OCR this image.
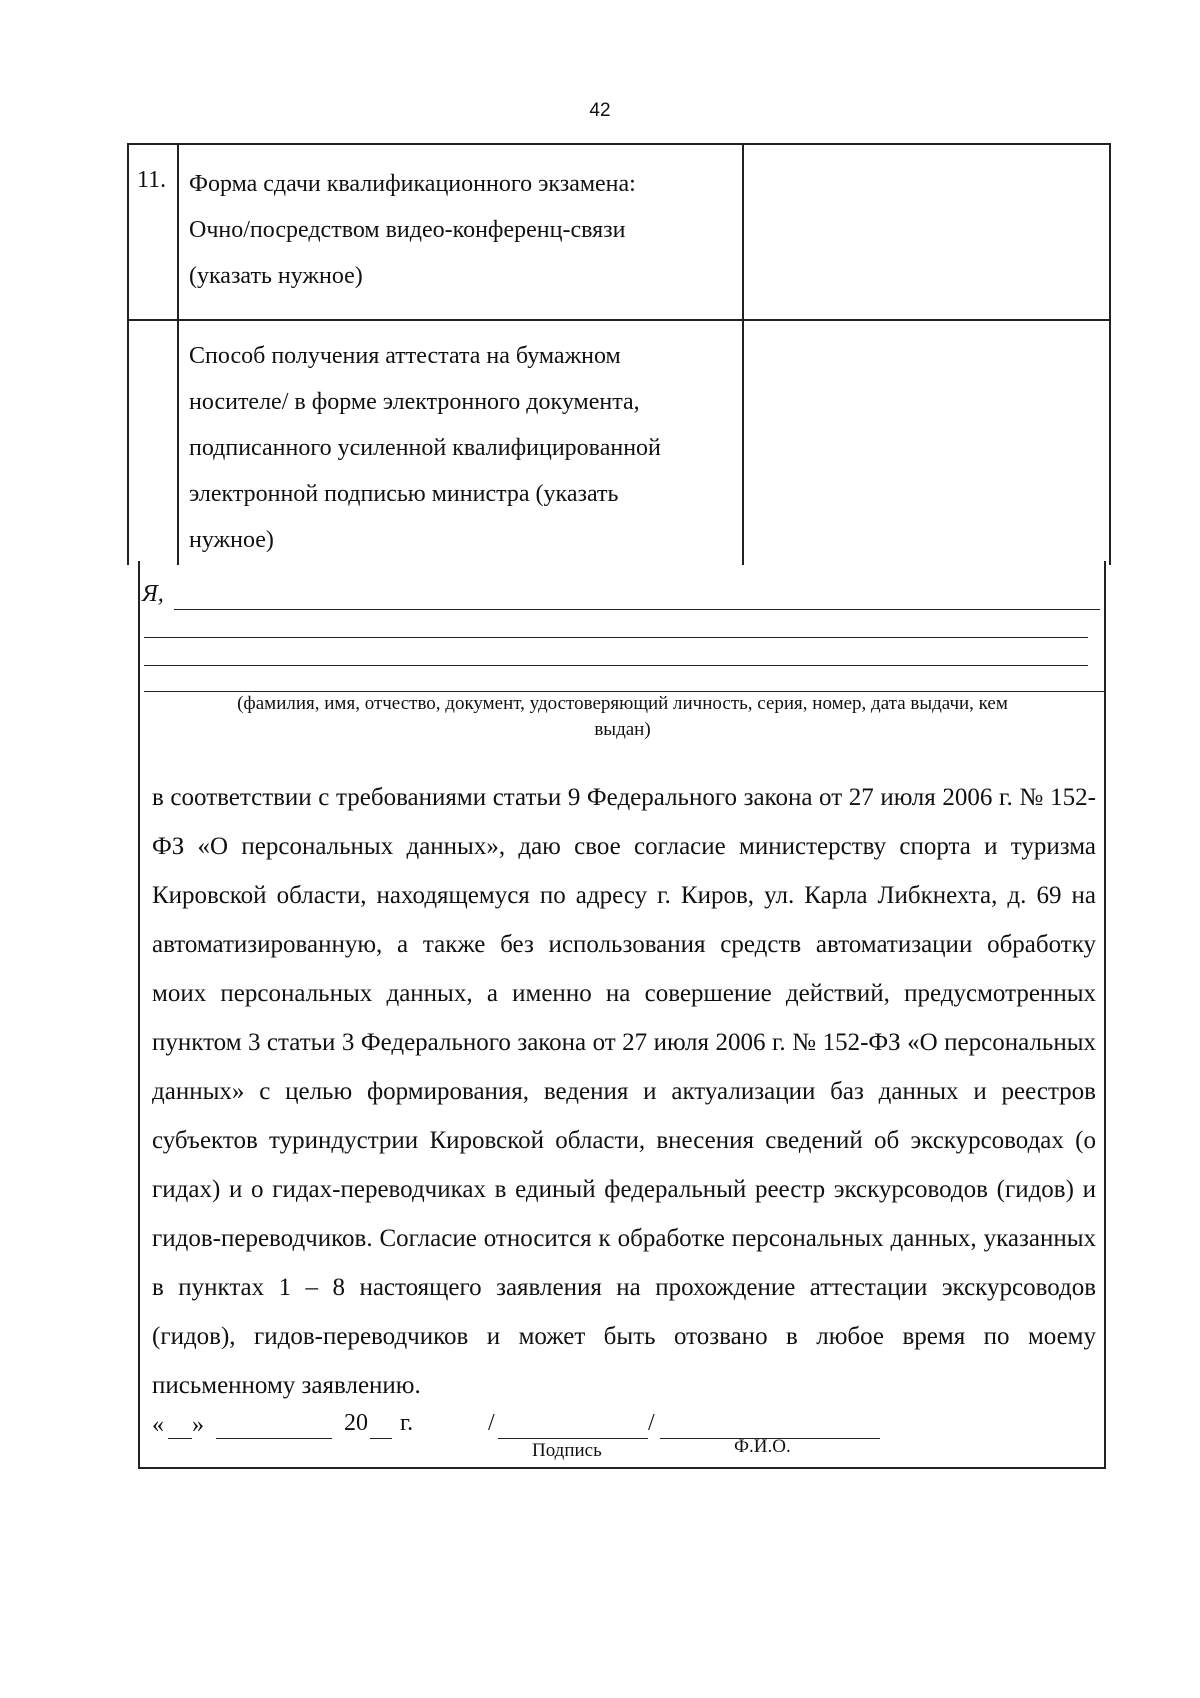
42
11. Форма сдачи квалификационного экзамена:
Очно/посредством видео-конференц-связи
(указать нужное)
Способ получения аттестата на бумажном
носителе/ в форме электронного документа,
подписанного усиленной квалифицированной
электронной подписью министра (указать
нужное)
Я,
(фамилия, имя, отчество, документ, удостоверяющий личность, серия, номер, дата выдачи, кем
выдан)
в соответствии с требованиями статьи 9 Федерального закона от 27 июля 2006 г. № 152-ФЗ «О персональных данных», даю свое согласие министерству спорта и туризма Кировской области, находящемуся по адресу г. Киров, ул. Карла Либкнехта, д. 69 на автоматизированную, а также без использования средств автоматизации обработку моих персональных данных, а именно на совершение действий, предусмотренных пунктом 3 статьи 3 Федерального закона от 27 июля 2006 г. № 152-ФЗ «О персональных данных» с целью формирования, ведения и актуализации баз данных и реестров субъектов туриндустрии Кировской области, внесения сведений об экскурсоводах (о гидах) и о гидах-переводчиках в единый федеральный реестр экскурсоводов (гидов) и гидов-переводчиков. Согласие относится к обработке персональных данных, указанных в пунктах 1 – 8 настоящего заявления на прохождение аттестации экскурсоводов (гидов), гидов-переводчиков и может быть отозвано в любое время по моему письменному заявлению.
« »	20 г.	/	/
Подпись	Ф.И.О.
